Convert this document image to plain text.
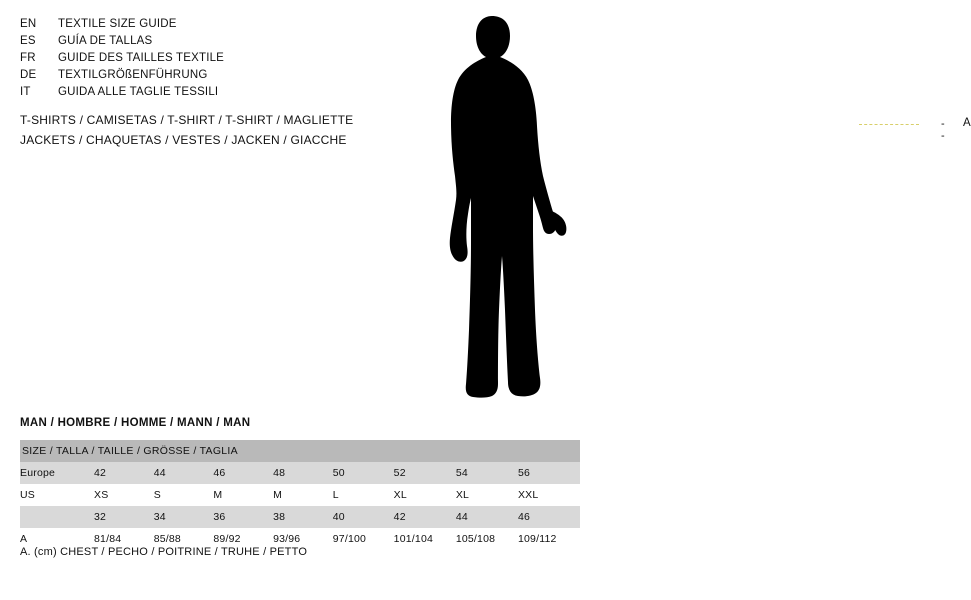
EN	TEXTILE SIZE GUIDE
ES	GUÍA DE TALLAS
FR	GUIDE DES TAILLES TEXTILE
DE	TEXTILGRÖßENFÜHRUNG
IT	GUIDA ALLE TAGLIE TESSILI
T-SHIRTS / CAMISETAS / T-SHIRT / T-SHIRT / MAGLIETTE
JACKETS / CHAQUETAS / VESTES / JACKEN / GIACCHE
- -
A
MAN / HOMBRE / HOMME / MANN / MAN
SIZE / TALLA / TAILLE / GRÖSSE / TAGLIA								
Europe	42	44	46	48	50	52	54	56
US	XS	S	M	M	L	XL	XL	XXL
	32	34	36	38	40	42	44	46
A	81/84	85/88	89/92	93/96	97/100	101/104	105/108	109/112
A. (cm) CHEST / PECHO / POITRINE / TRUHE / PETTO
